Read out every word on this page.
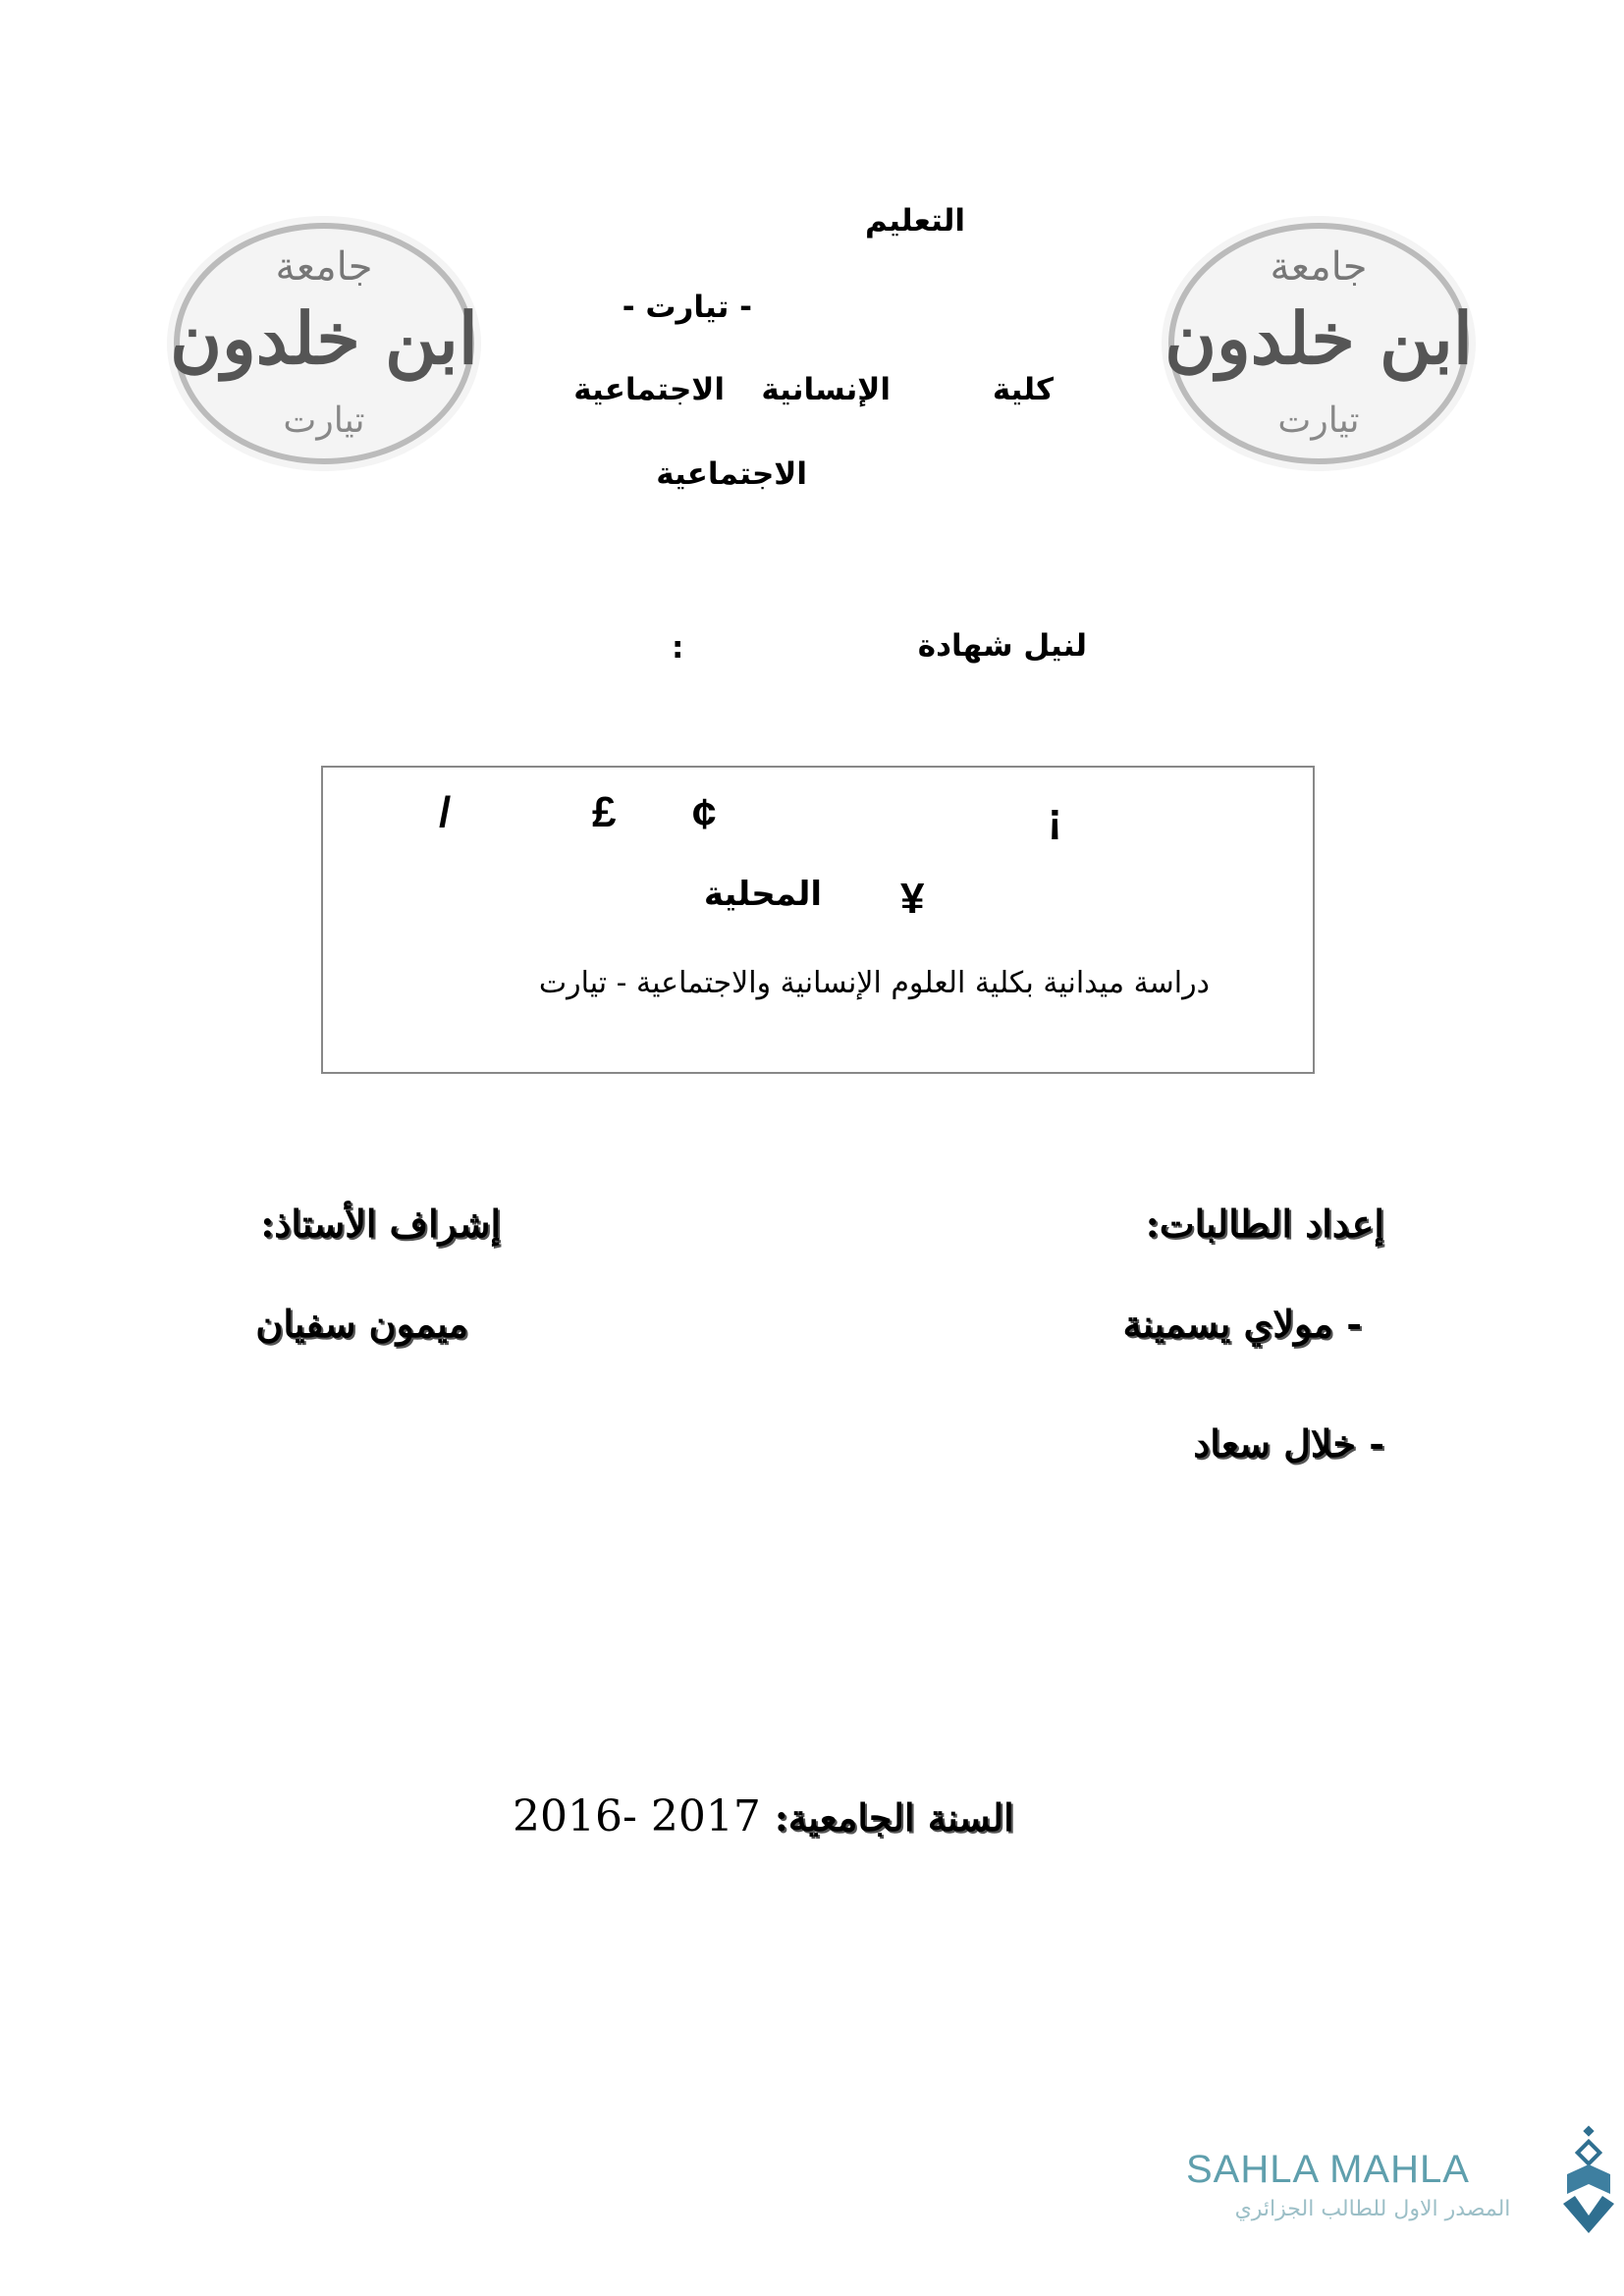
جامعة
ابن خلدون
تيارت
جامعة
ابن خلدون
تيارت
التعليم
- تيارت -
كلية
الإنسانية
الاجتماعية
الاجتماعية
لنيل شهادة
:
/	£ ¢	¡
¥
المحلية
دراسة ميدانية بكلية العلوم الإنسانية والاجتماعية - تيارت
إعداد الطالبات:
إشراف الأستاذ:
- مولاي يسمينة
ميمون سفيان
- خلال سعاد
السنة الجامعية: 2016- 2017
SAHLA MAHLA
المصدر الاول للطالب الجزائري
